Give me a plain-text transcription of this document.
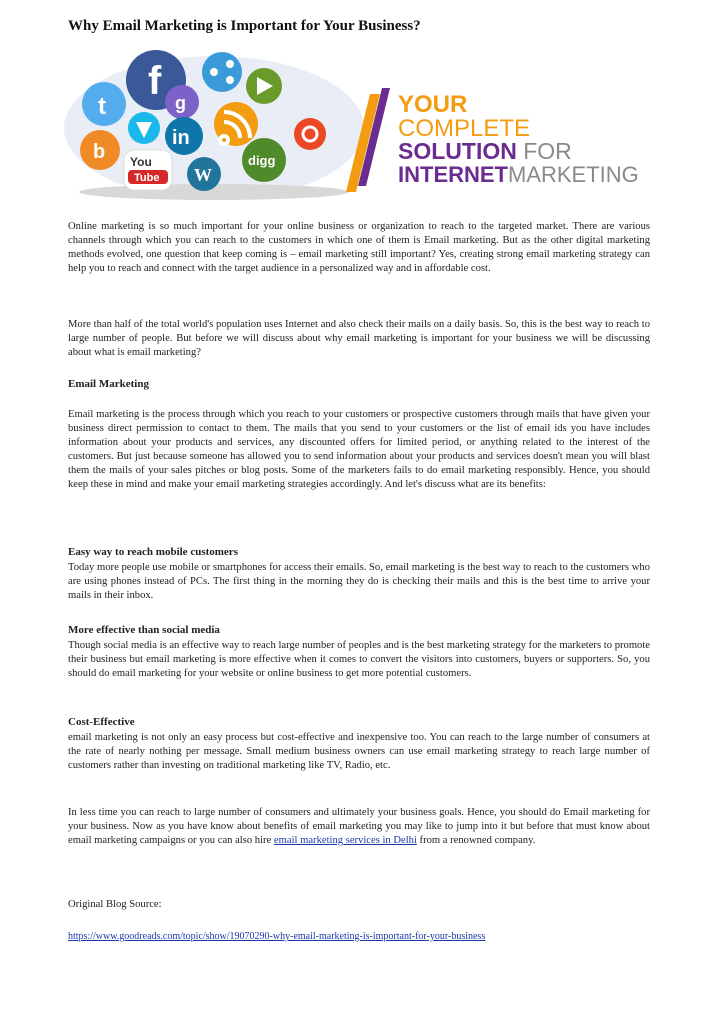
Why Email Marketing is Important for Your Business?
f
t	g
b
in
You
Tube W
digg
YOUR
COMPLETE
SOLUTION FOR
INTERNETMARKETING

Online marketing is so much important for your online business or organization to reach to the targeted market. There are various channels through which you can reach to the customers in which one of them is Email marketing. But as the other digital marketing methods evolved, one question that keep coming is – email marketing still important? Yes, creating strong email marketing strategy can help you to reach and connect with the target audience in a personalized way and in affordable cost.

More than half of the total world's population uses Internet and also check their mails on a daily basis. So, this is the best way to reach to large number of people. But before we will discuss about why email marketing is important for your business we will be discussing about what is email marketing?

Email Marketing

Email marketing is the process through which you reach to your customers or prospective customers through mails that have given your business direct permission to contact to them. The mails that you send to your customers or the list of email ids you have includes information about your products and services, any discounted offers for limited period, or anything related to the interest of the customers. But just because someone has allowed you to send information about your products and services doesn't mean you will blast them the mails of your sales pitches or blog posts. Some of the marketers fails to do email marketing responsibly. Hence, you should keep these in mind and make your email marketing strategies accordingly. And let's discuss what are its benefits:

Easy way to reach mobile customers

Today more people use mobile or smartphones for access their emails. So, email marketing is the best way to reach to the customers who are using phones instead of PCs. The first thing in the morning they do is checking their mails and this is the best time to arrive your mails in their inbox.

More effective than social media

Though social media is an effective way to reach large number of peoples and is the best marketing strategy for the marketers to promote their business but email marketing is more effective when it comes to convert the visitors into customers, buyers or supporters. So, you should do email marketing for your website or online business to get more potential customers.

Cost-Effective

email marketing is not only an easy process but cost-effective and inexpensive too. You can reach to the large number of consumers at the rate of nearly nothing per message. Small medium business owners can use email marketing strategy to reach large number of customers rather than investing on traditional marketing like TV, Radio, etc.

In less time you can reach to large number of consumers and ultimately your business goals. Hence, you should do Email marketing for your business. Now as you have know about benefits of email marketing you may like to jump into it but before that must know about email marketing campaigns or you can also hire email marketing services in Delhi from a renowned company.

Original Blog Source:

https://www.goodreads.com/topic/show/19070290-why-email-marketing-is-important-for-your-business
